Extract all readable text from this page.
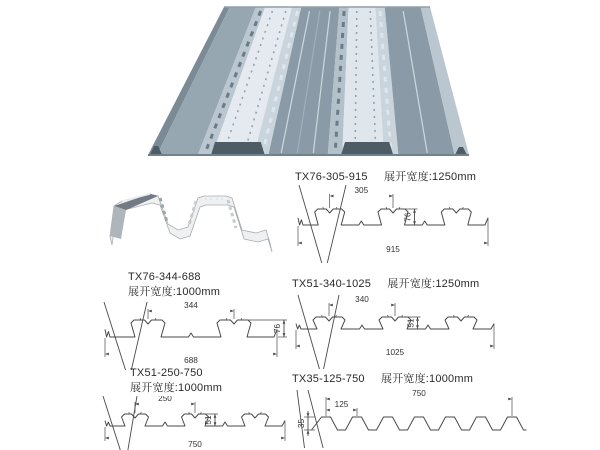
TX76-305-915 展开宽度:1250mm
305
76
915
TX76-344-688
展开宽度:1000mm
344
76
688
TX51-340-1025 展开宽度:1250mm
340
51
1025
TX51-250-750
展开宽度:1000mm
250
51
750
TX35-125-750 展开宽度:1000mm
750
125
35
